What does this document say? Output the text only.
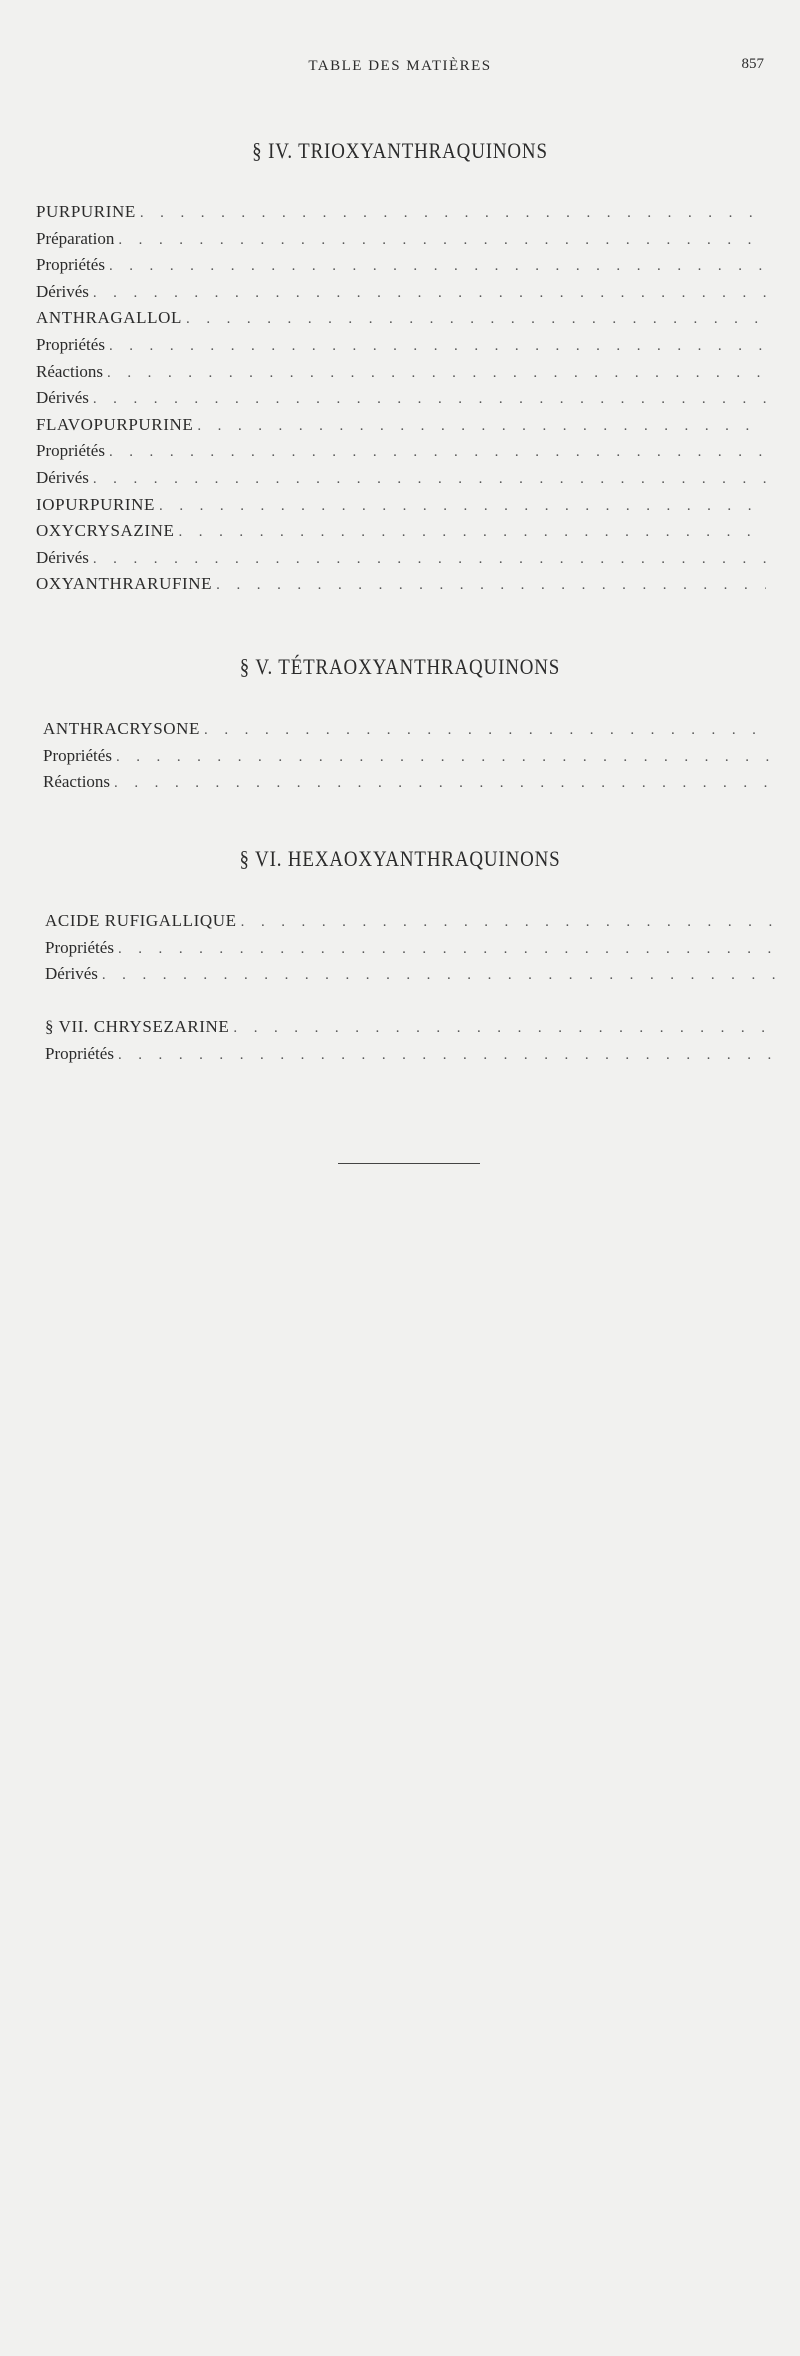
TABLE DES MATIÈRES	857
§ IV. TRIOXYANTHRAQUINONS
PURPURINE
. . .
Préparation
. . .
Propriétés
. . .
Dérivés
. . .
ANTHRAGALLOL
. . .
Propriétés
. . .
Réactions
. . .
Dérivés
. . .
FLAVOPURPURINE
. . .
Propriétés
. . .
Dérivés
. . .
IOPURPURINE
. . .
OXYCRYSAZINE
. . .
Dérivés
. . .
OXYANTHRARUFINE
. . .
§ V. TÉTRAOXYANTHRAQUINONS
ANTHRACRYSONE
. . .
Propriétés
. . .
Réactions
. . .
§ VI. HEXAOXYANTHRAQUINONS
ACIDE RUFIGALLIQUE
. . .
Propriétés
. . .
Dérivés
. . .
§ VII. CHRYSEZARINE
. . .
Propriétés
. . .
